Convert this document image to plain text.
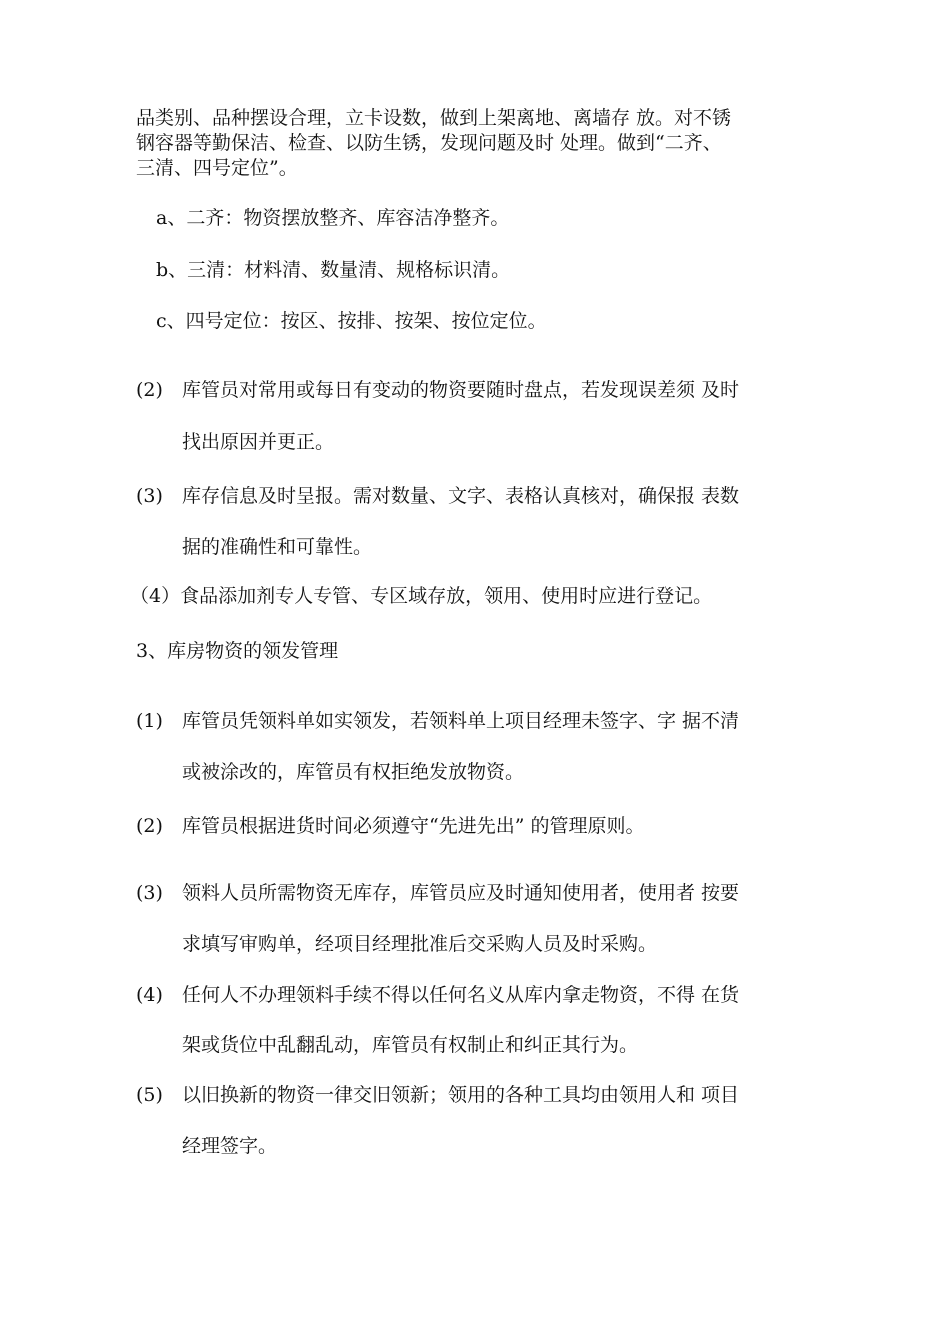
品类别、品种摆设合理，立卡设数，做到上架离地、离墙存 放。对不锈
钢容器等勤保洁、检查、以防生锈，发现问题及时 处理。做到“二齐、
三清、四号定位”。
a、二齐：物资摆放整齐、库容洁净整齐。
b、三清：材料清、数量清、规格标识清。
c、四号定位：按区、按排、按架、按位定位。
(2) 库管员对常用或每日有变动的物资要随时盘点，若发现误差须 及时
找出原因并更正。
(3) 库存信息及时呈报。需对数量、文字、表格认真核对，确保报 表数
据的准确性和可靠性。
（4）食品添加剂专人专管、专区域存放，领用、使用时应进行登记。
3、库房物资的领发管理
(1) 库管员凭领料单如实领发，若领料单上项目经理未签字、字 据不清
或被涂改的，库管员有权拒绝发放物资。
(2) 库管员根据进货时间必须遵守“先进先出” 的管理原则。
(3) 领料人员所需物资无库存，库管员应及时通知使用者，使用者 按要
求填写审购单，经项目经理批准后交采购人员及时采购。
(4) 任何人不办理领料手续不得以任何名义从库内拿走物资，不得 在货
架或货位中乱翻乱动，库管员有权制止和纠正其行为。
(5) 以旧换新的物资一律交旧领新；领用的各种工具均由领用人和 项目
经理签字。
